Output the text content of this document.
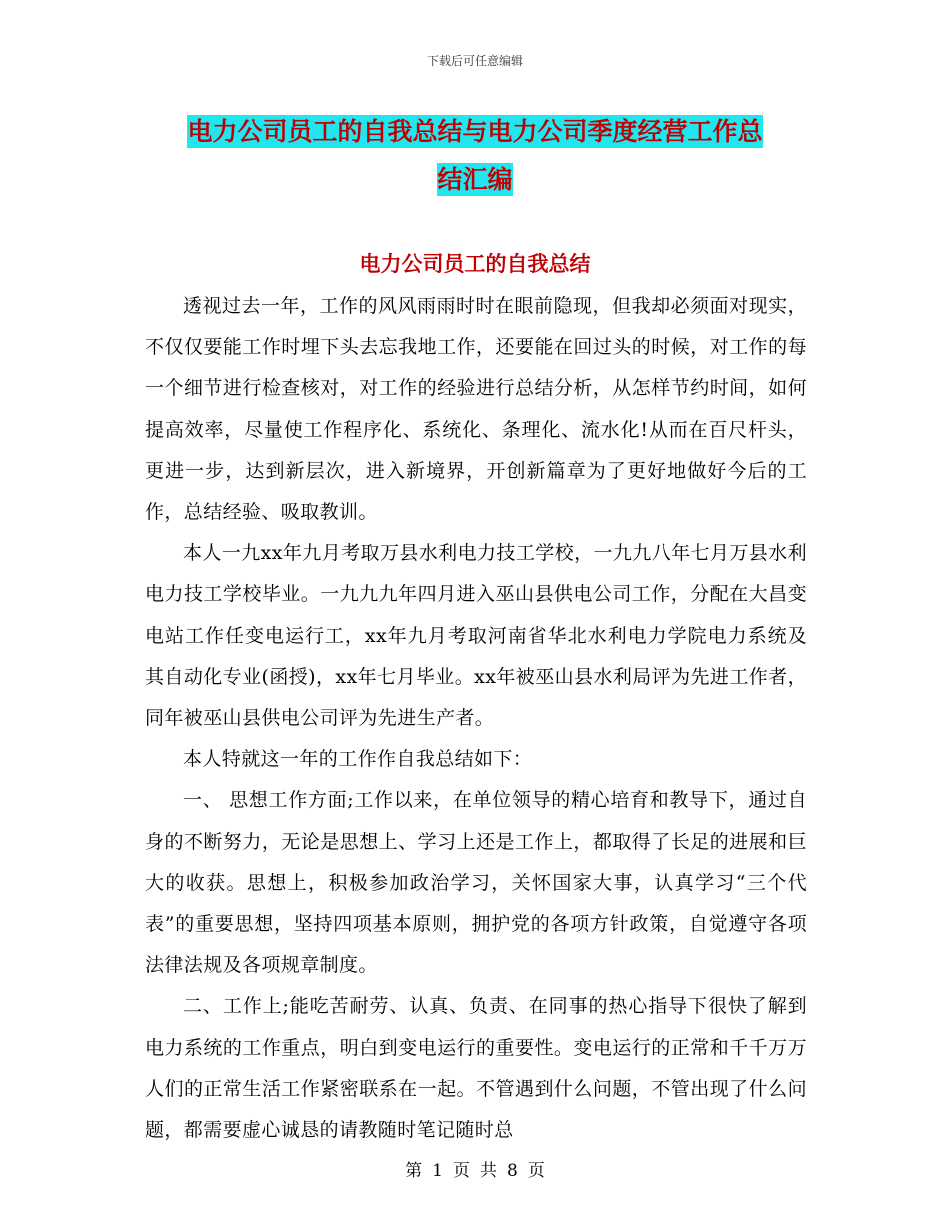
下载后可任意编辑
电力公司员工的自我总结与电力公司季度经营工作总
结汇编
电力公司员工的自我总结

透视过去一年，工作的风风雨雨时时在眼前隐现，但我却必须面对现实，不仅仅要能工作时埋下头去忘我地工作，还要能在回过头的时候，对工作的每一个细节进行检查核对，对工作的经验进行总结分析，从怎样节约时间，如何提高效率，尽量使工作程序化、系统化、条理化、流水化!从而在百尺杆头，更进一步，达到新层次，进入新境界，开创新篇章为了更好地做好今后的工作，总结经验、吸取教训。

本人一九xx年九月考取万县水利电力技工学校，一九九八年七月万县水利电力技工学校毕业。一九九九年四月进入巫山县供电公司工作，分配在大昌变电站工作任变电运行工，xx年九月考取河南省华北水利电力学院电力系统及其自动化专业(函授)，xx年七月毕业。xx年被巫山县水利局评为先进工作者，同年被巫山县供电公司评为先进生产者。

本人特就这一年的工作作自我总结如下：

一、 思想工作方面;工作以来，在单位领导的精心培育和教导下，通过自身的不断努力，无论是思想上、学习上还是工作上，都取得了长足的进展和巨大的收获。思想上，积极参加政治学习，关怀国家大事，认真学习“三个代表”的重要思想，坚持四项基本原则，拥护党的各项方针政策，自觉遵守各项法律法规及各项规章制度。

二、工作上;能吃苦耐劳、认真、负责、在同事的热心指导下很快了解到电力系统的工作重点，明白到变电运行的重要性。变电运行的正常和千千万万人们的正常生活工作紧密联系在一起。不管遇到什么问题，不管出现了什么问题，都需要虚心诚恳的请教随时笔记随时总

第 1 页 共 8 页
